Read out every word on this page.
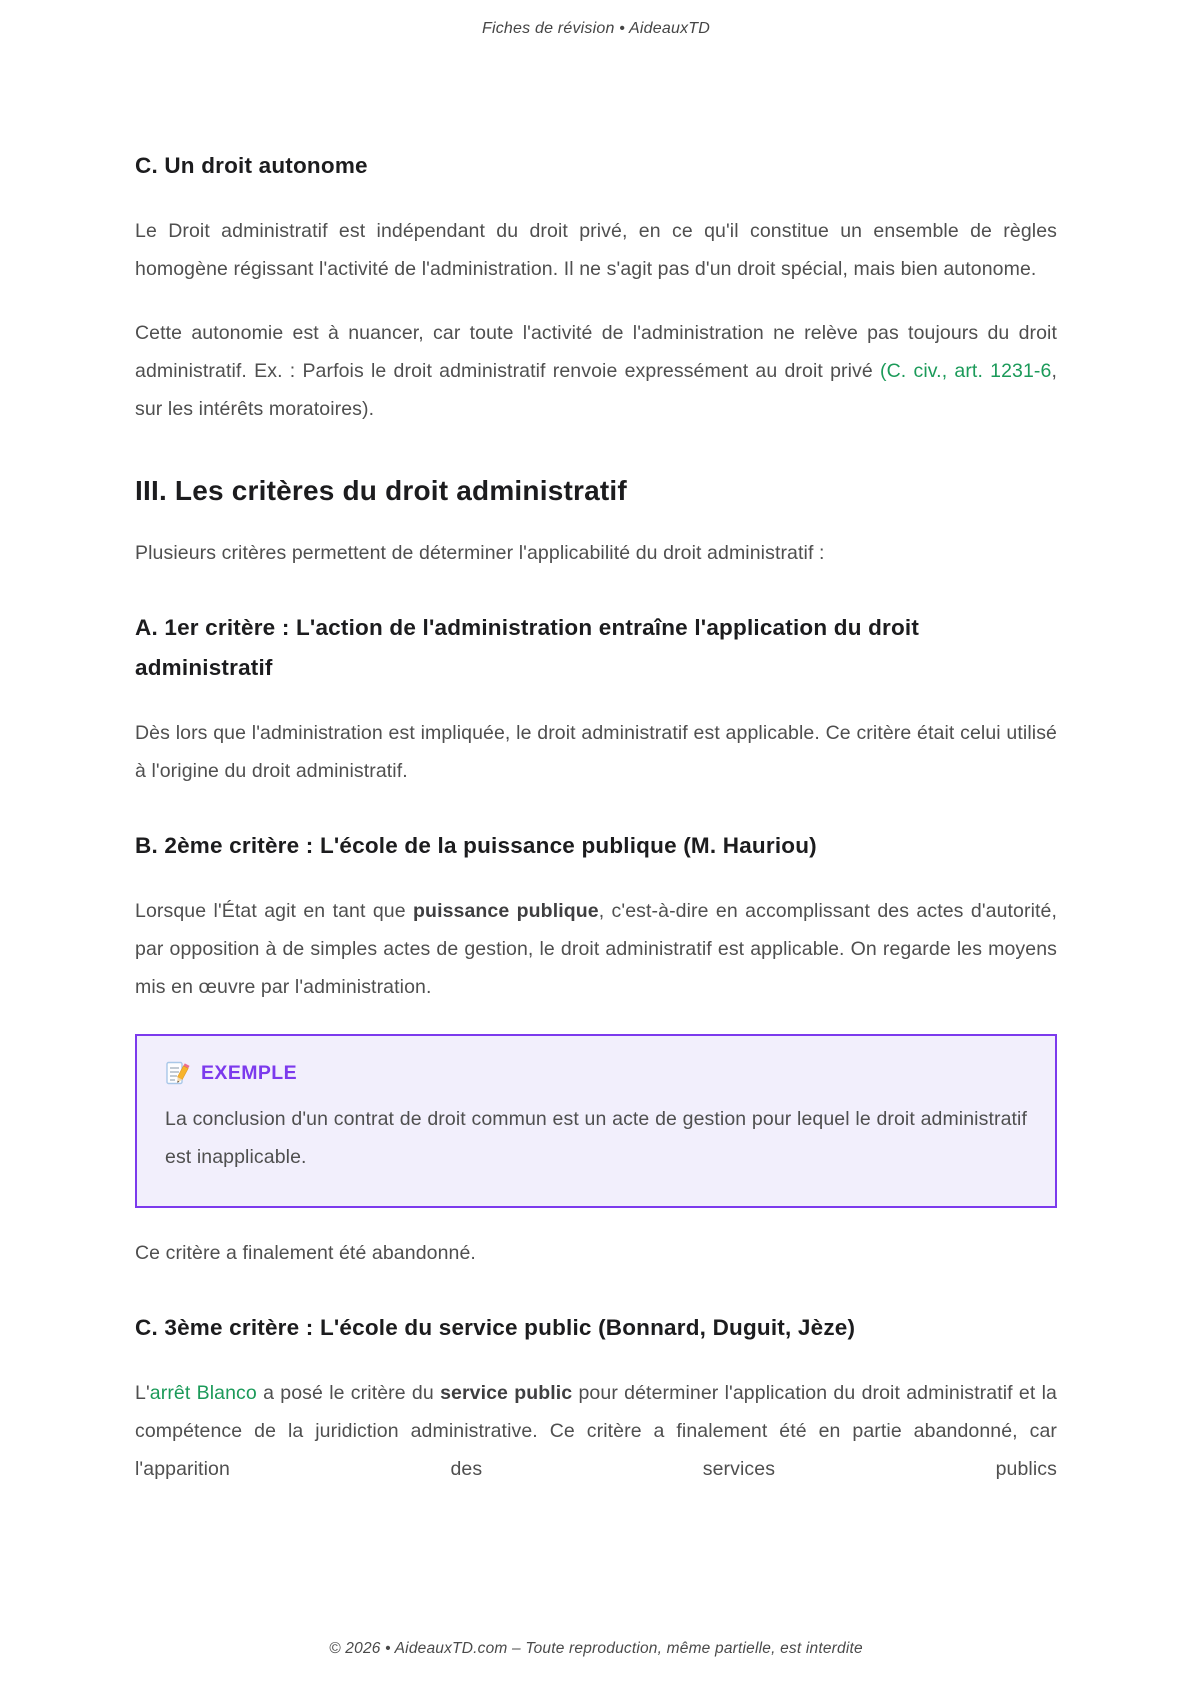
Fiches de révision • AideauxTD
C. Un droit autonome

Le Droit administratif est indépendant du droit privé, en ce qu'il constitue un ensemble de règles homogène régissant l'activité de l'administration. Il ne s'agit pas d'un droit spécial, mais bien autonome.

Cette autonomie est à nuancer, car toute l'activité de l'administration ne relève pas toujours du droit administratif. Ex. : Parfois le droit administratif renvoie expressément au droit privé (C. civ., art. 1231-6, sur les intérêts moratoires).

III. Les critères du droit administratif

Plusieurs critères permettent de déterminer l'applicabilité du droit administratif :

A. 1er critère : L'action de l'administration entraîne l'application du droit administratif

Dès lors que l'administration est impliquée, le droit administratif est applicable. Ce critère était celui utilisé à l'origine du droit administratif.

B. 2ème critère : L'école de la puissance publique (M. Hauriou)

Lorsque l'État agit en tant que puissance publique, c'est-à-dire en accomplissant des actes d'autorité, par opposition à de simples actes de gestion, le droit administratif est applicable. On regarde les moyens mis en œuvre par l'administration.

EXEMPLE

La conclusion d'un contrat de droit commun est un acte de gestion pour lequel le droit administratif est inapplicable.

Ce critère a finalement été abandonné.

C. 3ème critère : L'école du service public (Bonnard, Duguit, Jèze)

L'arrêt Blanco a posé le critère du service public pour déterminer l'application du droit administratif et la compétence de la juridiction administrative. Ce critère a finalement été en partie abandonné, car l'apparition des services publics

© 2026 • AideauxTD.com – Toute reproduction, même partielle, est interdite
